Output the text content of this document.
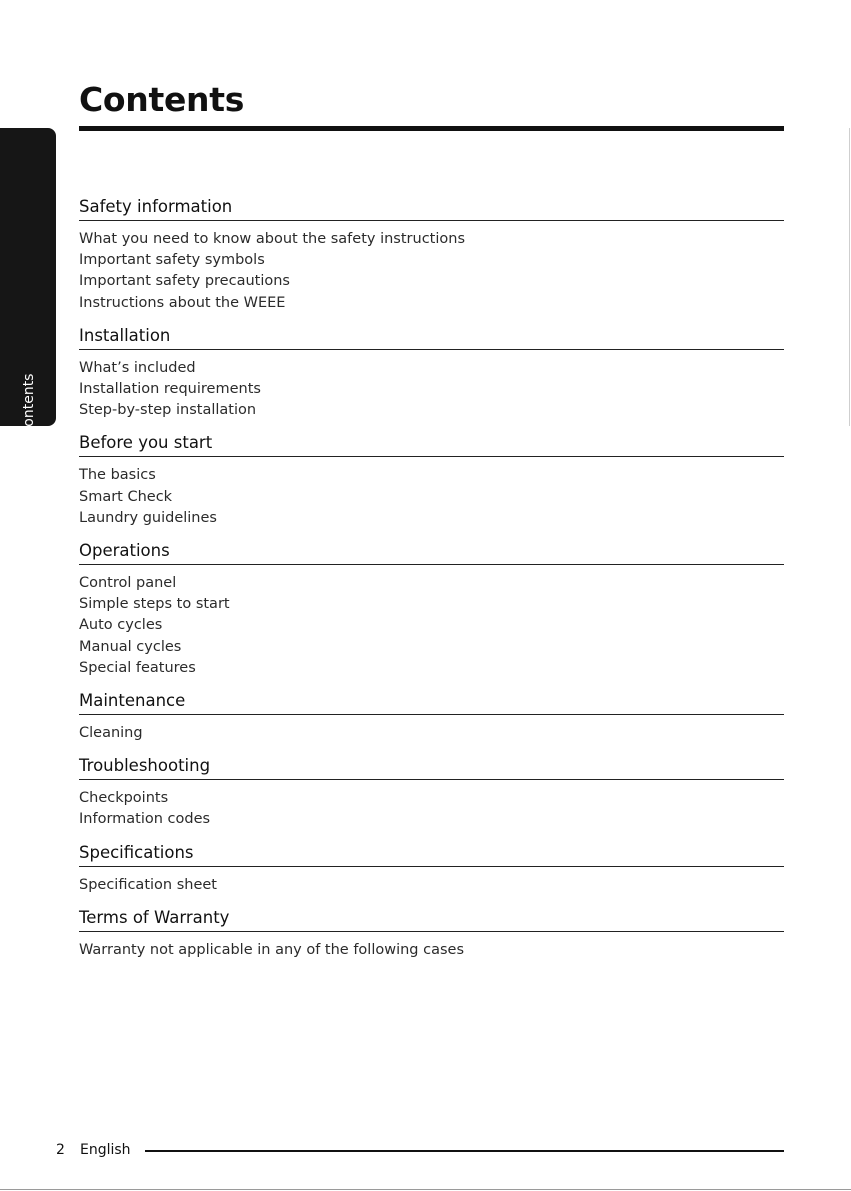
Contents
Contents
Safety information
What you need to know about the safety instructions
Important safety symbols
Important safety precautions
Instructions about the WEEE
Installation
What’s included
Installation requirements
Step-by-step installation
Before you start
The basics
Smart Check
Laundry guidelines
Operations
Control panel
Simple steps to start
Auto cycles
Manual cycles
Special features
Maintenance
Cleaning
Troubleshooting
Checkpoints
Information codes
Specifications
Specification sheet
Terms of Warranty
Warranty not applicable in any of the following cases
2 English
